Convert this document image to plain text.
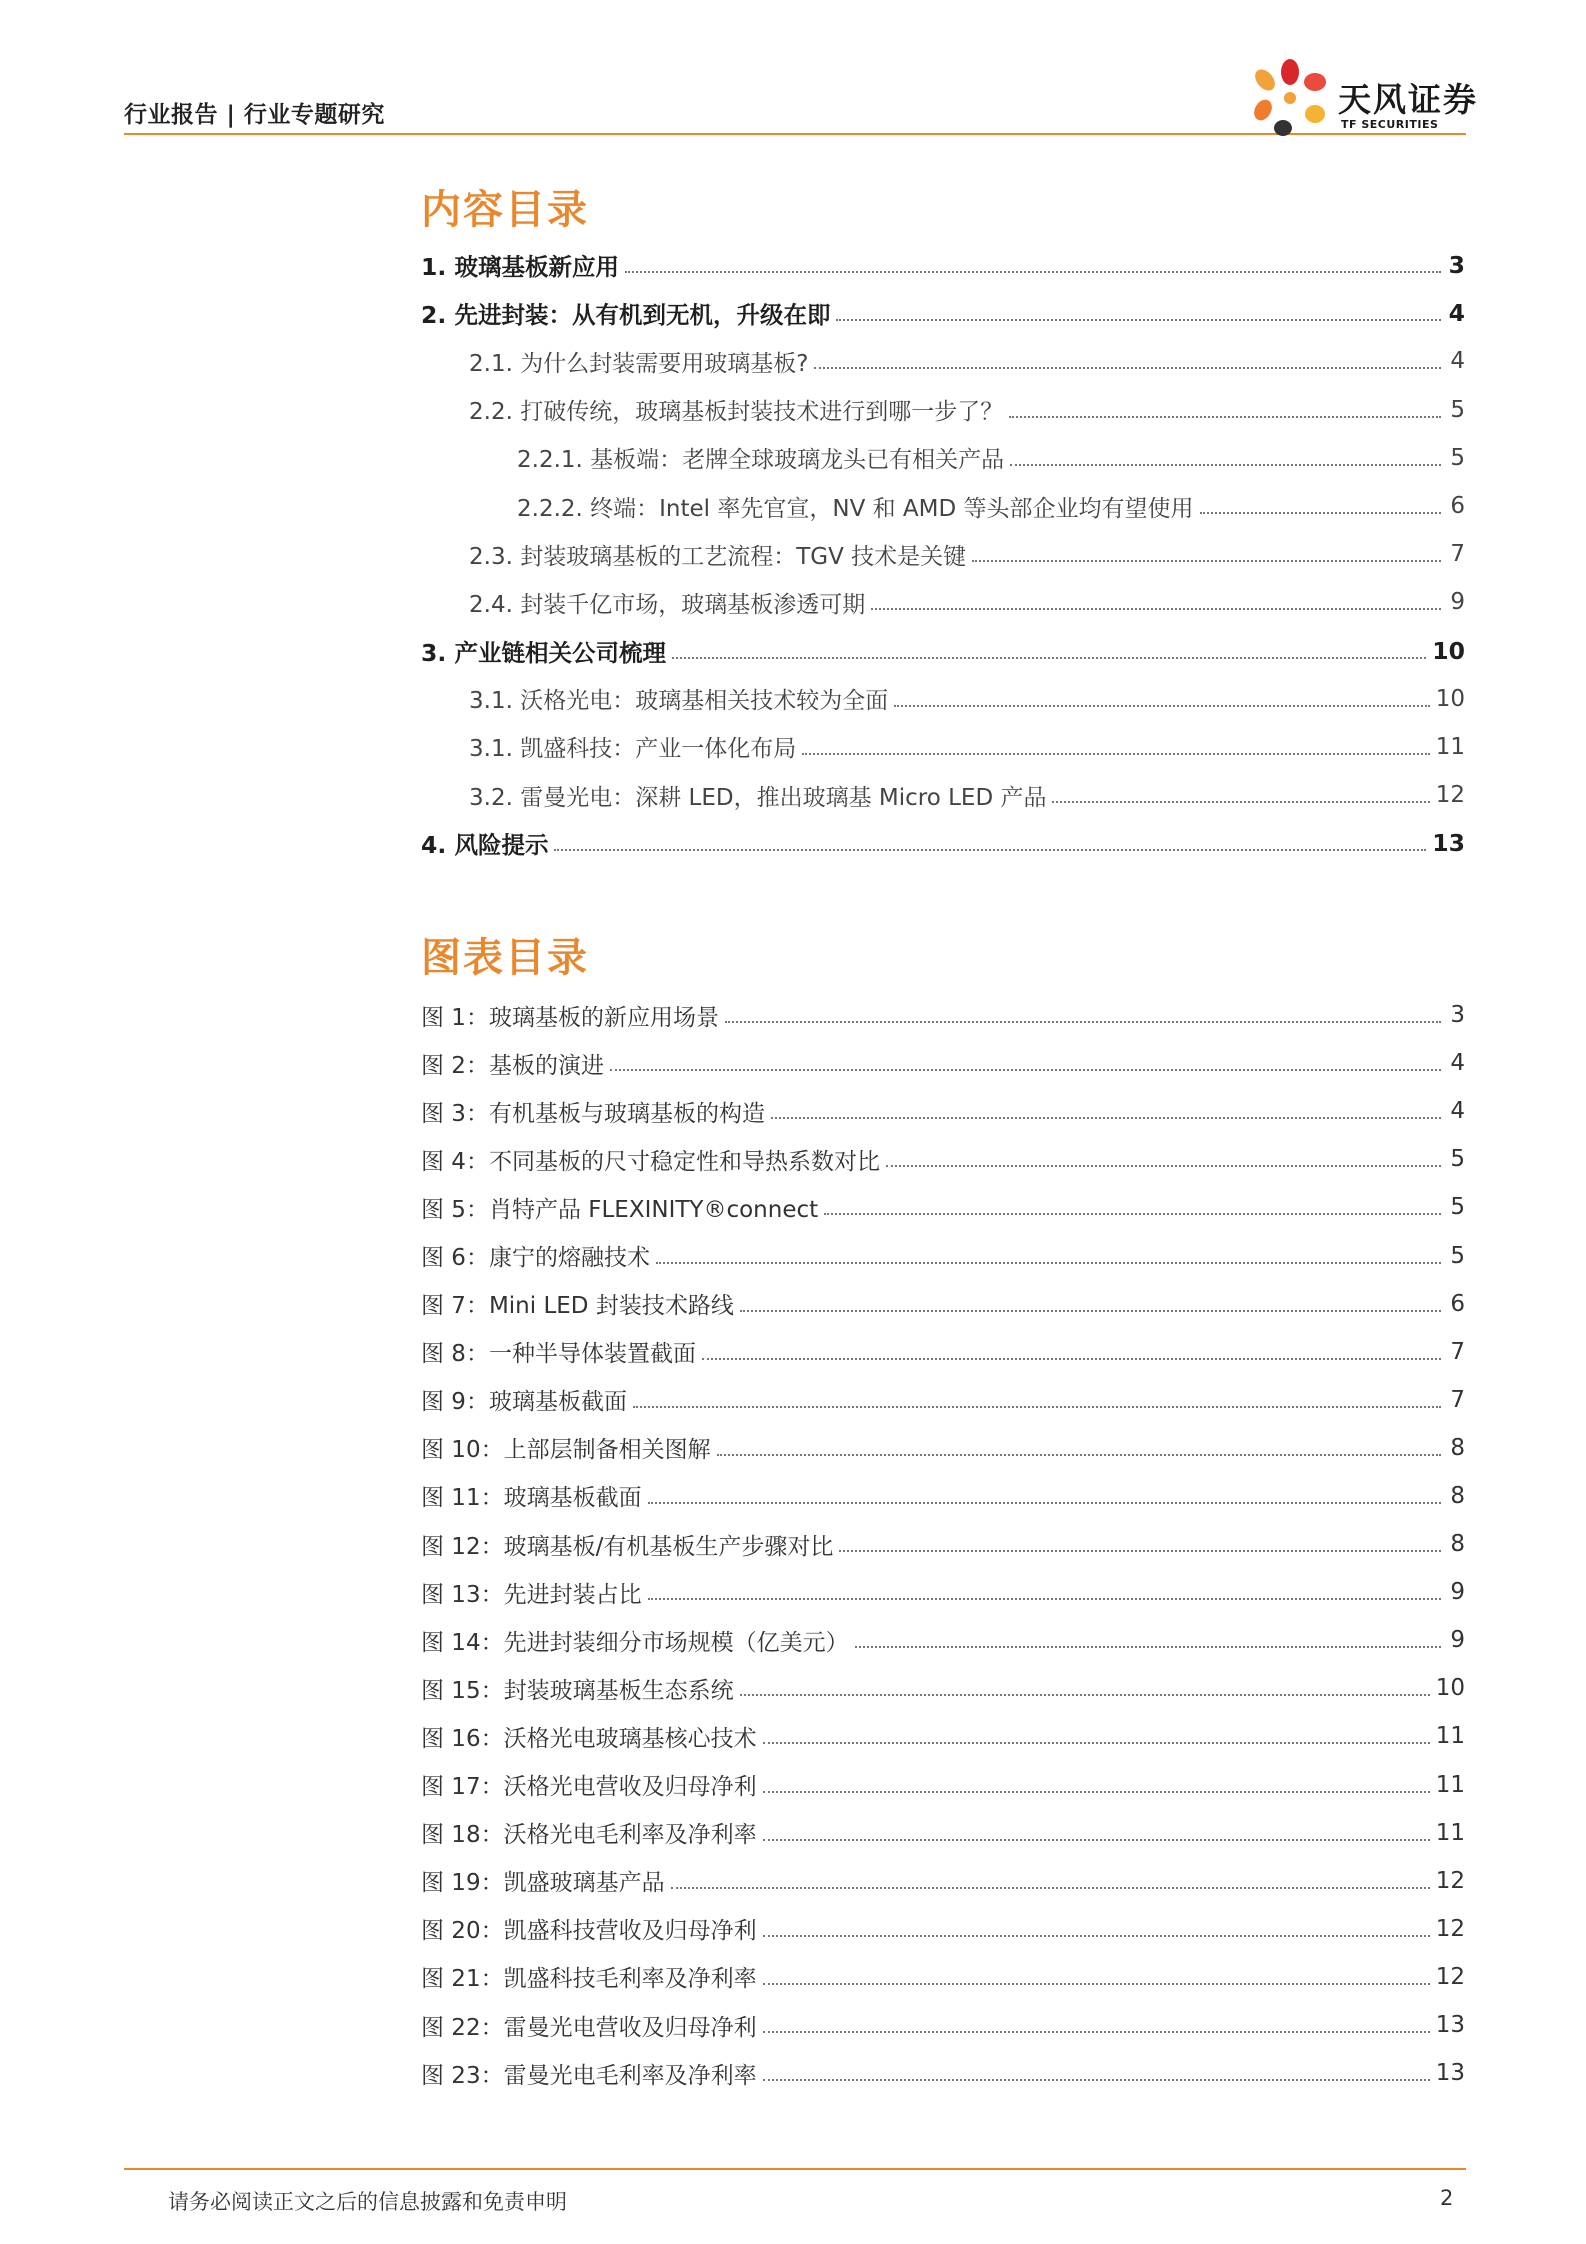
行业报告 | 行业专题研究	天风证券
TF SECURITIES
内容目录
1. 玻璃基板新应用	3
2. 先进封装：从有机到无机，升级在即	4
2.1. 为什么封装需要用玻璃基板?	4
2.2. 打破传统，玻璃基板封装技术进行到哪一步了？	5
2.2.1. 基板端：老牌全球玻璃龙头已有相关产品	5
2.2.2. 终端：Intel 率先官宣，NV 和 AMD 等头部企业均有望使用	6
2.3. 封装玻璃基板的工艺流程：TGV 技术是关键	7
2.4. 封装千亿市场，玻璃基板渗透可期	9
3. 产业链相关公司梳理	10
3.1. 沃格光电：玻璃基相关技术较为全面	10
3.1. 凯盛科技：产业一体化布局	11
3.2. 雷曼光电：深耕 LED，推出玻璃基 Micro LED 产品	12
4. 风险提示	13
图表目录
图 1：玻璃基板的新应用场景	3
图 2：基板的演进	4
图 3：有机基板与玻璃基板的构造	4
图 4：不同基板的尺寸稳定性和导热系数对比	5
图 5：肖特产品 FLEXINITY®connect	5
图 6：康宁的熔融技术	5
图 7：Mini LED 封装技术路线	6
图 8：一种半导体装置截面	7
图 9：玻璃基板截面	7
图 10：上部层制备相关图解	8
图 11：玻璃基板截面	8
图 12：玻璃基板/有机基板生产步骤对比	8
图 13：先进封装占比	9
图 14：先进封装细分市场规模（亿美元）	9
图 15：封装玻璃基板生态系统	10
图 16：沃格光电玻璃基核心技术	11
图 17：沃格光电营收及归母净利	11
图 18：沃格光电毛利率及净利率	11
图 19：凯盛玻璃基产品	12
图 20：凯盛科技营收及归母净利	12
图 21：凯盛科技毛利率及净利率	12
图 22：雷曼光电营收及归母净利	13
图 23：雷曼光电毛利率及净利率	13
请务必阅读正文之后的信息披露和免责申明	2
